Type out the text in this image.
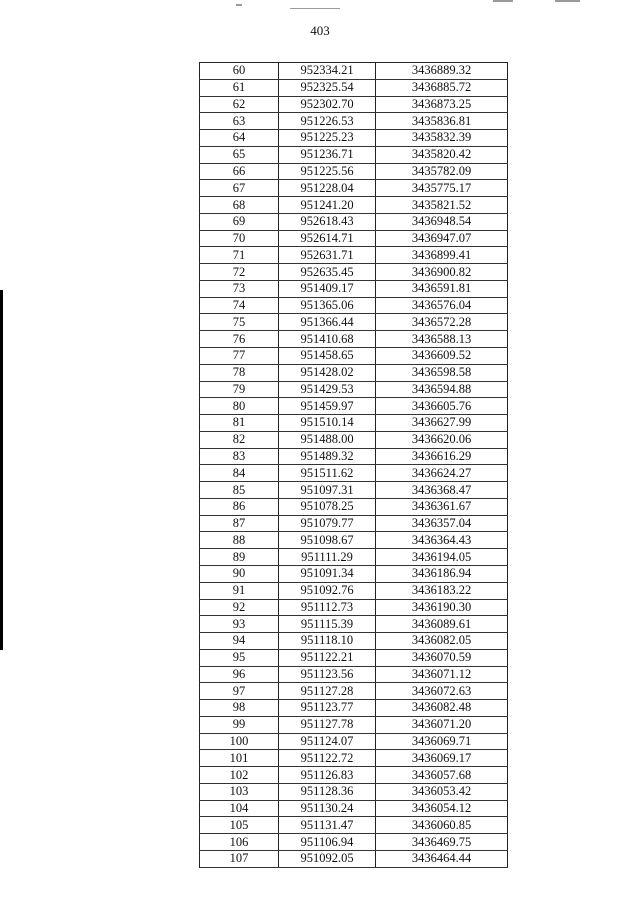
403
60	952334.21	3436889.32
61	952325.54	3436885.72
62	952302.70	3436873.25
63	951226.53	3435836.81
64	951225.23	3435832.39
65	951236.71	3435820.42
66	951225.56	3435782.09
67	951228.04	3435775.17
68	951241.20	3435821.52
69	952618.43	3436948.54
70	952614.71	3436947.07
71	952631.71	3436899.41
72	952635.45	3436900.82
73	951409.17	3436591.81
74	951365.06	3436576.04
75	951366.44	3436572.28
76	951410.68	3436588.13
77	951458.65	3436609.52
78	951428.02	3436598.58
79	951429.53	3436594.88
80	951459.97	3436605.76
81	951510.14	3436627.99
82	951488.00	3436620.06
83	951489.32	3436616.29
84	951511.62	3436624.27
85	951097.31	3436368.47
86	951078.25	3436361.67
87	951079.77	3436357.04
88	951098.67	3436364.43
89	951111.29	3436194.05
90	951091.34	3436186.94
91	951092.76	3436183.22
92	951112.73	3436190.30
93	951115.39	3436089.61
94	951118.10	3436082.05
95	951122.21	3436070.59
96	951123.56	3436071.12
97	951127.28	3436072.63
98	951123.77	3436082.48
99	951127.78	3436071.20
100	951124.07	3436069.71
101	951122.72	3436069.17
102	951126.83	3436057.68
103	951128.36	3436053.42
104	951130.24	3436054.12
105	951131.47	3436060.85
106	951106.94	3436469.75
107	951092.05	3436464.44
